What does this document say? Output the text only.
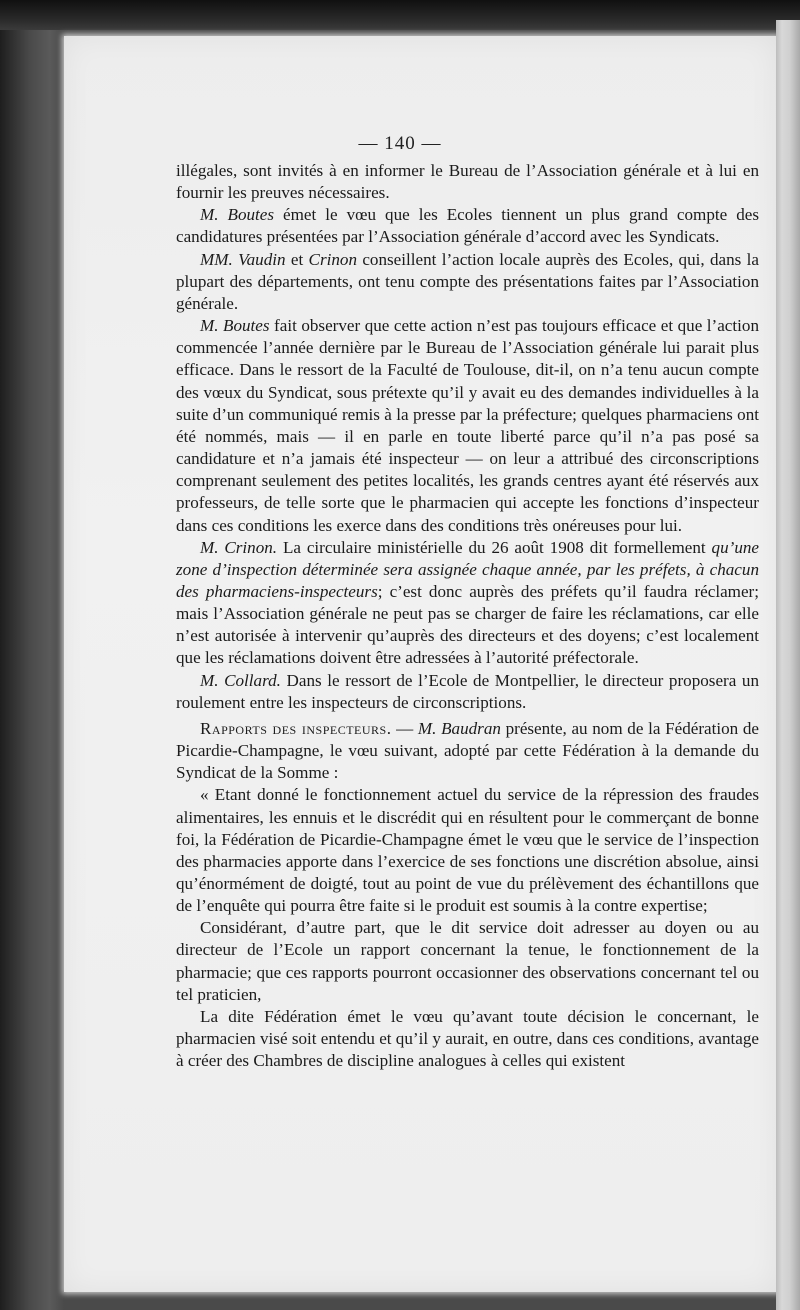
— 140 —

illégales, sont invités à en informer le Bureau de l’Association générale et à lui en fournir les preuves nécessaires.

M. Boutes émet le vœu que les Ecoles tiennent un plus grand compte des candidatures présentées par l’Association générale d’accord avec les Syndicats.

MM. Vaudin et Crinon conseillent l’action locale auprès des Ecoles, qui, dans la plupart des départements, ont tenu compte des présentations faites par l’Association générale.

M. Boutes fait observer que cette action n’est pas toujours efficace et que l’action commencée l’année dernière par le Bureau de l’Association générale lui parait plus efficace. Dans le ressort de la Faculté de Toulouse, dit-il, on n’a tenu aucun compte des vœux du Syndicat, sous prétexte qu’il y avait eu des demandes individuelles à la suite d’un communiqué remis à la presse par la préfecture; quelques pharmaciens ont été nommés, mais — il en parle en toute liberté parce qu’il n’a pas posé sa candidature et n’a jamais été inspecteur — on leur a attribué des circonscriptions comprenant seulement des petites localités, les grands centres ayant été réservés aux professeurs, de telle sorte que le pharmacien qui accepte les fonctions d’inspecteur dans ces conditions les exerce dans des conditions très onéreuses pour lui.

M. Crinon. La circulaire ministérielle du 26 août 1908 dit formellement qu’une zone d’inspection déterminée sera assignée chaque année, par les préfets, à chacun des pharmaciens-inspecteurs; c’est donc auprès des préfets qu’il faudra réclamer; mais l’Association générale ne peut pas se charger de faire les réclamations, car elle n’est autorisée à intervenir qu’auprès des directeurs et des doyens; c’est localement que les réclamations doivent être adressées à l’autorité préfectorale.

M. Collard. Dans le ressort de l’Ecole de Montpellier, le directeur proposera un roulement entre les inspecteurs de circonscriptions.

Rapports des inspecteurs. — M. Baudran présente, au nom de la Fédération de Picardie-Champagne, le vœu suivant, adopté par cette Fédération à la demande du Syndicat de la Somme :

« Etant donné le fonctionnement actuel du service de la répression des fraudes alimentaires, les ennuis et le discrédit qui en résultent pour le commerçant de bonne foi, la Fédération de Picardie-Champagne émet le vœu que le service de l’inspection des pharmacies apporte dans l’exercice de ses fonctions une discrétion absolue, ainsi qu’énormément de doigté, tout au point de vue du prélèvement des échantillons que de l’enquête qui pourra être faite si le produit est soumis à la contre expertise;

Considérant, d’autre part, que le dit service doit adresser au doyen ou au directeur de l’Ecole un rapport concernant la tenue, le fonctionnement de la pharmacie; que ces rapports pourront occasionner des observations concernant tel ou tel praticien,

La dite Fédération émet le vœu qu’avant toute décision le concernant, le pharmacien visé soit entendu et qu’il y aurait, en outre, dans ces conditions, avantage à créer des Chambres de discipline analogues à celles qui existent
